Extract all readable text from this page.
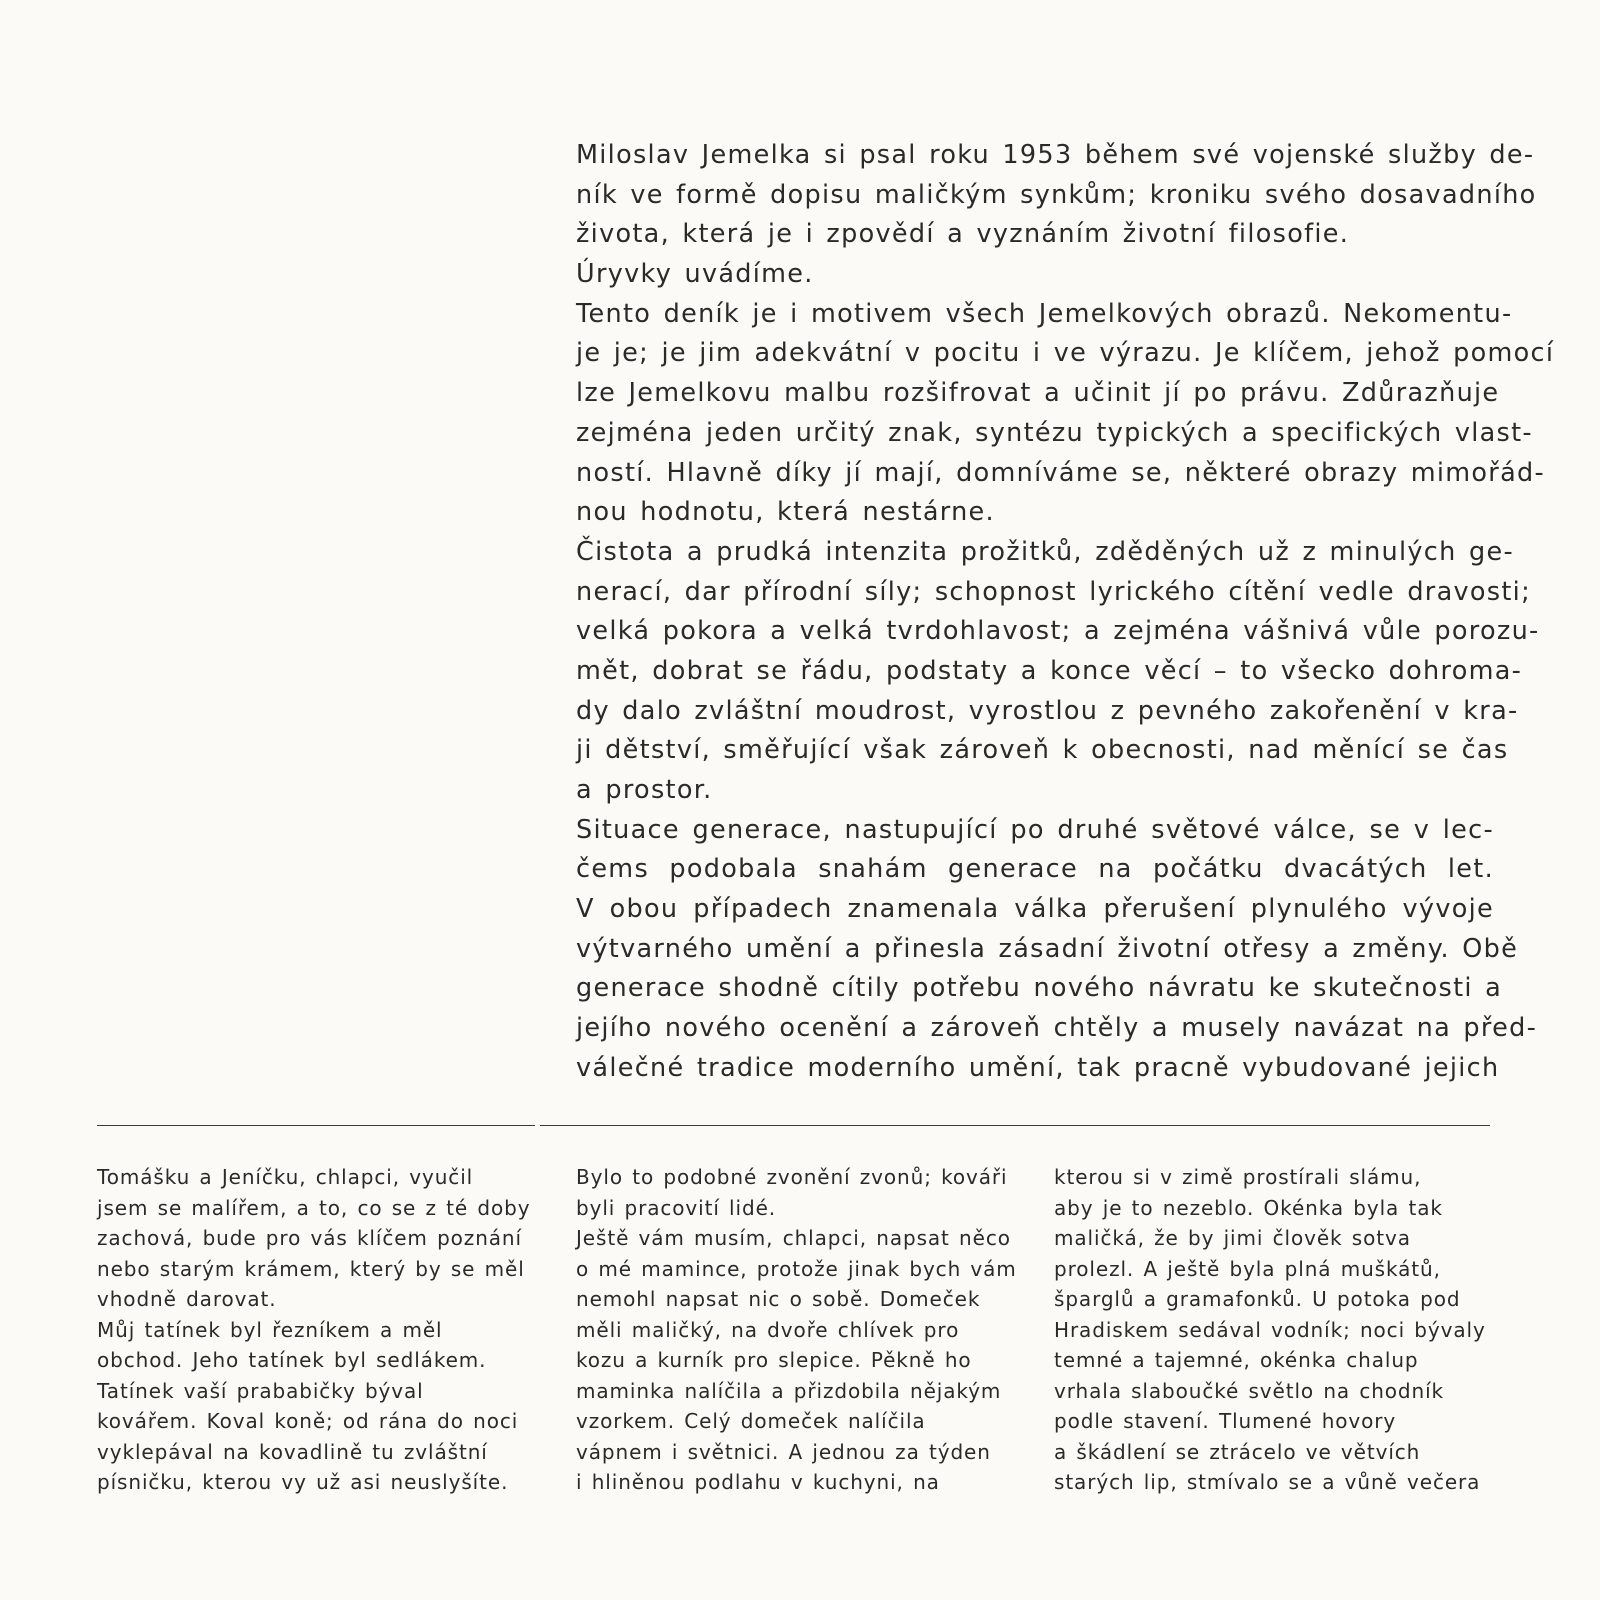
Miloslav Jemelka si psal roku 1953 během své vojenské služby de-
ník ve formě dopisu maličkým synkům; kroniku svého dosavadního
života, která je i zpovědí a vyznáním životní filosofie.
Úryvky uvádíme.
Tento deník je i motivem všech Jemelkových obrazů. Nekomentu-
je je; je jim adekvátní v pocitu i ve výrazu. Je klíčem, jehož pomocí
lze Jemelkovu malbu rozšifrovat a učinit jí po právu. Zdůrazňuje
zejména jeden určitý znak, syntézu typických a specifických vlast-
ností. Hlavně díky jí mají, domníváme se, některé obrazy mimořád-
nou hodnotu, která nestárne.
Čistota a prudká intenzita prožitků, zděděných už z minulých ge-
nerací, dar přírodní síly; schopnost lyrického cítění vedle dravosti;
velká pokora a velká tvrdohlavost; a zejména vášnivá vůle porozu-
mět, dobrat se řádu, podstaty a konce věcí – to všecko dohroma-
dy dalo zvláštní moudrost, vyrostlou z pevného zakořenění v kra-
ji dětství, směřující však zároveň k obecnosti, nad měnící se čas
a prostor.
Situace generace, nastupující po druhé světové válce, se v lec-
čems podobala snahám generace na počátku dvacátých let.
V obou případech znamenala válka přerušení plynulého vývoje
výtvarného umění a přinesla zásadní životní otřesy a změny. Obě
generace shodně cítily potřebu nového návratu ke skutečnosti a
jejího nového ocenění a zároveň chtěly a musely navázat na před-
válečné tradice moderního umění, tak pracně vybudované jejich
Tomášku a Jeníčku, chlapci, vyučil
jsem se malířem, a to, co se z té doby
zachová, bude pro vás klíčem poznání
nebo starým krámem, který by se měl
vhodně darovat.
Můj tatínek byl řezníkem a měl
obchod. Jeho tatínek byl sedlákem.
Tatínek vaší prababičky býval
kovářem. Koval koně; od rána do noci
vyklepával na kovadlině tu zvláštní
písničku, kterou vy už asi neuslyšíte.
Bylo to podobné zvonění zvonů; kováři
byli pracovití lidé.
Ještě vám musím, chlapci, napsat něco
o mé mamince, protože jinak bych vám
nemohl napsat nic o sobě. Domeček
měli maličký, na dvoře chlívek pro
kozu a kurník pro slepice. Pěkně ho
maminka nalíčila a přizdobila nějakým
vzorkem. Celý domeček nalíčila
vápnem i světnici. A jednou za týden
i hliněnou podlahu v kuchyni, na
kterou si v zimě prostírali slámu,
aby je to nezeblo. Okénka byla tak
maličká, že by jimi člověk sotva
prolezl. A ještě byla plná muškátů,
šparglů a gramafonků. U potoka pod
Hradiskem sedával vodník; noci bývaly
temné a tajemné, okénka chalup
vrhala slaboučké světlo na chodník
podle stavení. Tlumené hovory
a škádlení se ztrácelo ve větvích
starých lip, stmívalo se a vůně večera
